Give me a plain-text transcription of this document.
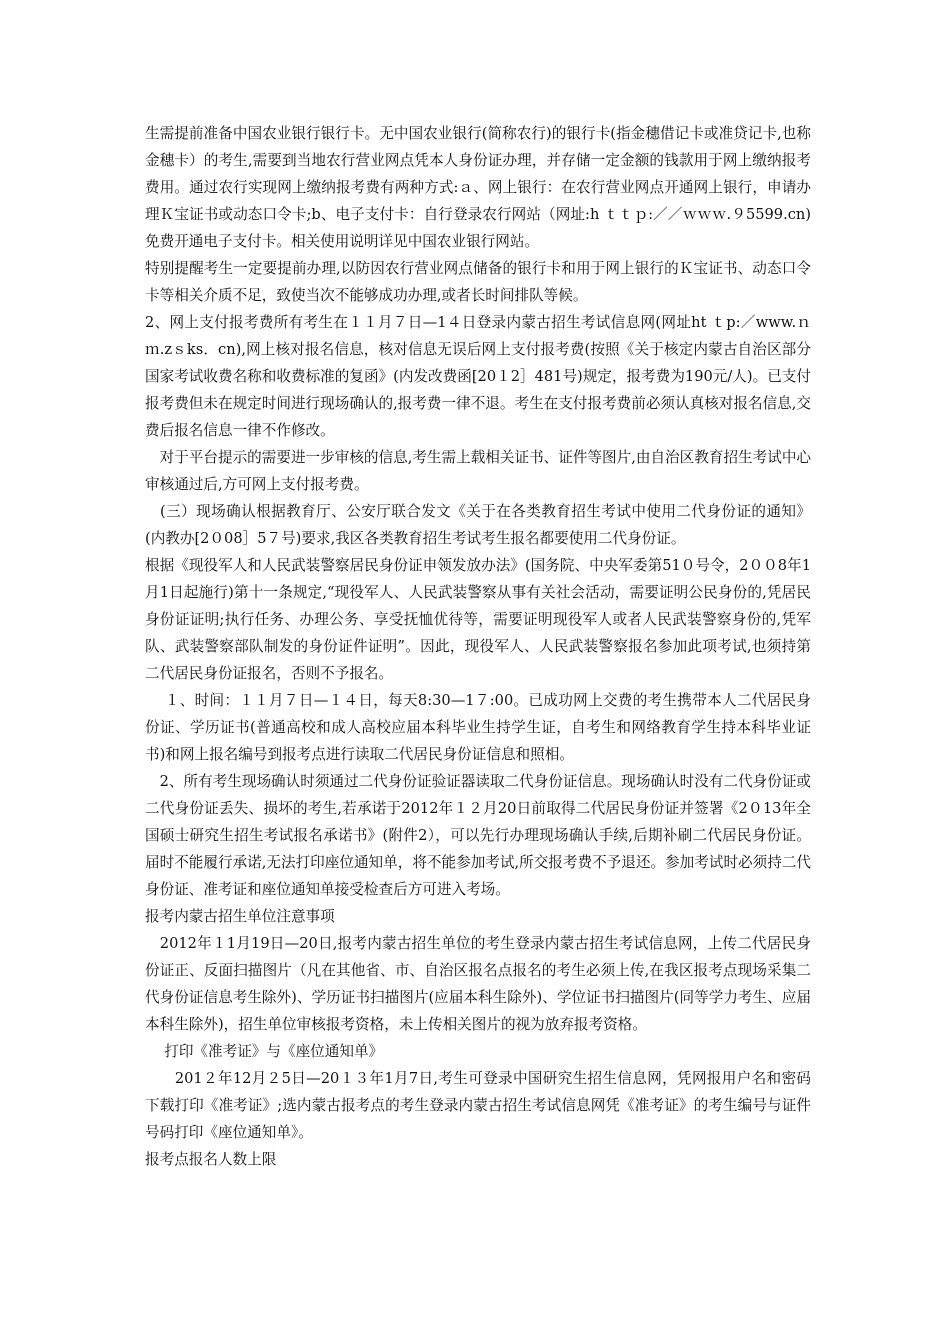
生需提前准备中国农业银行银行卡。无中国农业银行(简称农行)的银行卡(指金穗借记卡或准贷记卡,也称金穗卡）的考生,需要到当地农行营业网点凭本人身份证办理，并存储一定金额的钱款用于网上缴纳报考费用。通过农行实现网上缴纳报考费有两种方式:ａ、网上银行：在农行营业网点开通网上银行，申请办理Ｋ宝证书或动态口令卡;b、电子支付卡：自行登录农行网站（网址:h ｔｔｐ:／／ｗｗｗ.９5599.cn)免费开通电子支付卡。相关使用说明详见中国农业银行网站。

特别提醒考生一定要提前办理,以防因农行营业网点储备的银行卡和用于网上银行的Ｋ宝证书、动态口令卡等相关介质不足，致使当次不能够成功办理,或者长时间排队等候。

2、网上支付报考费所有考生在１１月７日—1４日登录内蒙古招生考试信息网(网址ht ｔp:／www.ｎｍ.zｓks．cn),网上核对报名信息，核对信息无误后网上支付报考费(按照《关于核定内蒙古自治区部分国家考试收费名称和收费标准的复函》(内发改费函[20１2］481号)规定，报考费为190元/人)。已支付报考费但未在规定时间进行现场确认的,报考费一律不退。考生在支付报考费前必须认真核对报名信息,交费后报名信息一律不作修改。

　对于平台提示的需要进一步审核的信息,考生需上载相关证书、证件等图片,由自治区教育招生考试中心审核通过后,方可网上支付报考费。

　(三）现场确认根据教育厅、公安厅联合发文《关于在各类教育招生考试中使用二代身份证的通知》(内教办[2０08］5７号)要求,我区各类教育招生考试考生报名都要使用二代身份证。

根据《现役军人和人民武装警察居民身份证申领发放办法》(国务院、中央军委第51０号令，2００8年1月1日起施行)第十一条规定,“现役军人、人民武装警察从事有关社会活动，需要证明公民身份的,凭居民身份证证明;执行任务、办理公务、享受抚恤优待等，需要证明现役军人或者人民武装警察身份的,凭军队、武装警察部队制发的身份证件证明”。因此，现役军人、人民武装警察报名参加此项考试,也须持第二代居民身份证报名，否则不予报名。

　 １、时间：１１月７日—１４日，每天8:30—1７:00。已成功网上交费的考生携带本人二代居民身份证、学历证书(普通高校和成人高校应届本科毕业生持学生证，自考生和网络教育学生持本科毕业证书)和网上报名编号到报考点进行读取二代居民身份证信息和照相。

　2、所有考生现场确认时须通过二代身份证验证器读取二代身份证信息。现场确认时没有二代身份证或二代身份证丢失、损坏的考生,若承诺于2012年１２月20日前取得二代居民身份证并签署《2０13年全国硕士研究生招生考试报名承诺书》(附件2），可以先行办理现场确认手续,后期补刷二代居民身份证。届时不能履行承诺,无法打印座位通知单，将不能参加考试,所交报考费不予退还。参加考试时必须持二代身份证、准考证和座位通知单接受检查后方可进入考场。

报考内蒙古招生单位注意事项

　2012年１1月19日—20日,报考内蒙古招生单位的考生登录内蒙古招生考试信息网，上传二代居民身份证正、反面扫描图片（凡在其他省、市、自治区报名点报名的考生必须上传,在我区报考点现场采集二代身份证信息考生除外)、学历证书扫描图片(应届本科生除外)、学位证书扫描图片(同等学力考生、应届本科生除外)，招生单位审核报考资格，未上传相关图片的视为放弃报考资格。

　 打印《准考证》与《座位通知单》

　　201２年12月２5日—20１３年1月7日,考生可登录中国研究生招生信息网，凭网报用户名和密码下载打印《准考证》;选内蒙古报考点的考生登录内蒙古招生考试信息网凭《准考证》的考生编号与证件号码打印《座位通知单》。

报考点报名人数上限
